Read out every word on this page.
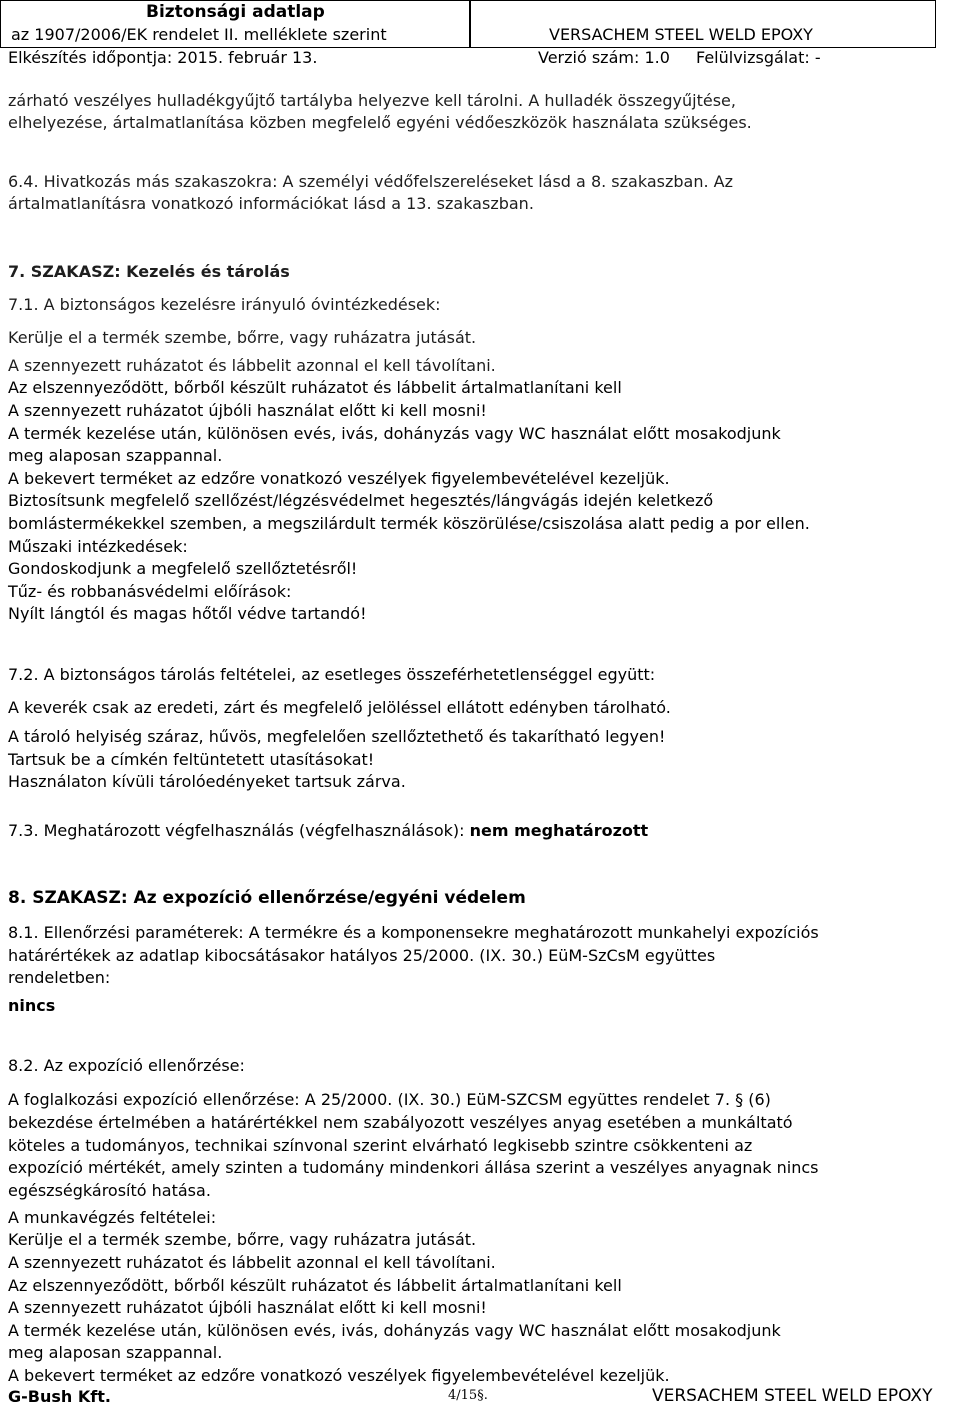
Biztonsági adatlap
az 1907/2006/EK rendelet II. melléklete szerint	VERSACHEM STEEL WELD EPOXY
Elkészítés időpontja: 2015. február 13.	Verzió szám: 1.0 Felülvizsgálat: -
zárható veszélyes hulladékgyűjtő tartályba helyezve kell tárolni. A hulladék összegyűjtése,
elhelyezése, ártalmatlanítása közben megfelelő egyéni védőeszközök használata szükséges.
6.4. Hivatkozás más szakaszokra: A személyi védőfelszereléseket lásd a 8. szakaszban. Az
ártalmatlanításra vonatkozó információkat lásd a 13. szakaszban.
7. SZAKASZ: Kezelés és tárolás
7.1. A biztonságos kezelésre irányuló óvintézkedések:
Kerülje el a termék szembe, bőrre, vagy ruházatra jutását.
A szennyezett ruházatot és lábbelit azonnal el kell távolítani.
Az elszennyeződött, bőrből készült ruházatot és lábbelit ártalmatlanítani kell
A szennyezett ruházatot újbóli használat előtt ki kell mosni!
A termék kezelése után, különösen evés, ivás, dohányzás vagy WC használat előtt mosakodjunk
meg alaposan szappannal.
A bekevert terméket az edzőre vonatkozó veszélyek figyelembevételével kezeljük.
Biztosítsunk megfelelő szellőzést/légzésvédelmet hegesztés/lángvágás idején keletkező
bomlástermékekkel szemben, a megszilárdult termék köszörülése/csiszolása alatt pedig a por ellen.
Műszaki intézkedések:
Gondoskodjunk a megfelelő szellőztetésről!
Tűz- és robbanásvédelmi előírások:
Nyílt lángtól és magas hőtől védve tartandó!
7.2. A biztonságos tárolás feltételei, az esetleges összeférhetetlenséggel együtt:
A keverék csak az eredeti, zárt és megfelelő jelöléssel ellátott edényben tárolható.
A tároló helyiség száraz, hűvös, megfelelően szellőztethető és takarítható legyen!
Tartsuk be a címkén feltüntetett utasításokat!
Használaton kívüli tárolóedényeket tartsuk zárva.
7.3. Meghatározott végfelhasználás (végfelhasználások): nem meghatározott
8. SZAKASZ: Az expozíció ellenőrzése/egyéni védelem
8.1. Ellenőrzési paraméterek: A termékre és a komponensekre meghatározott munkahelyi expozíciós
határértékek az adatlap kibocsátásakor hatályos 25/2000. (IX. 30.) EüM-SzCsM együttes
rendeletben:
nincs
8.2. Az expozíció ellenőrzése:
A foglalkozási expozíció ellenőrzése: A 25/2000. (IX. 30.) EüM-SZCSM együttes rendelet 7. § (6)
bekezdése értelmében a határértékkel nem szabályozott veszélyes anyag esetében a munkáltató
köteles a tudományos, technikai színvonal szerint elvárható legkisebb szintre csökkenteni az
expozíció mértékét, amely szinten a tudomány mindenkori állása szerint a veszélyes anyagnak nincs
egészségkárosító hatása.
A munkavégzés feltételei:
Kerülje el a termék szembe, bőrre, vagy ruházatra jutását.
A szennyezett ruházatot és lábbelit azonnal el kell távolítani.
Az elszennyeződött, bőrből készült ruházatot és lábbelit ártalmatlanítani kell
A szennyezett ruházatot újbóli használat előtt ki kell mosni!
A termék kezelése után, különösen evés, ivás, dohányzás vagy WC használat előtt mosakodjunk
meg alaposan szappannal.
A bekevert terméket az edzőre vonatkozó veszélyek figyelembevételével kezeljük.
G-Bush Kft.	4/15§.	VERSACHEM STEEL WELD EPOXY
